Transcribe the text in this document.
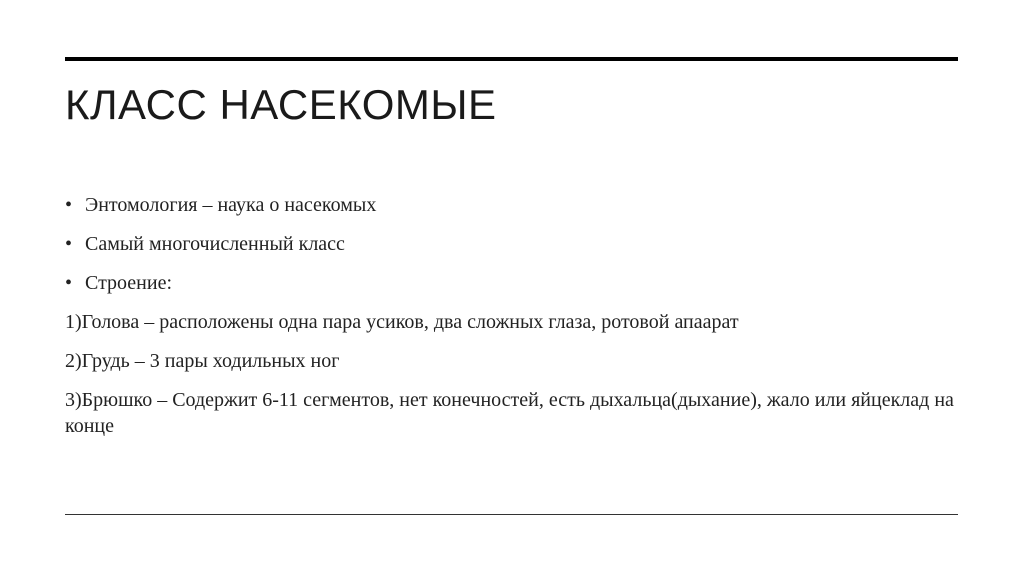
КЛАСС НАСЕКОМЫЕ
• Энтомология – наука о насекомых
• Самый многочисленный класс
• Строение:
1)Голова – расположены одна пара усиков, два сложных глаза, ротовой апаарат
2)Грудь – 3 пары ходильных ног
3)Брюшко – Содержит 6-11 сегментов, нет конечностей, есть дыхальца(дыхание), жало или яйцеклад на конце
